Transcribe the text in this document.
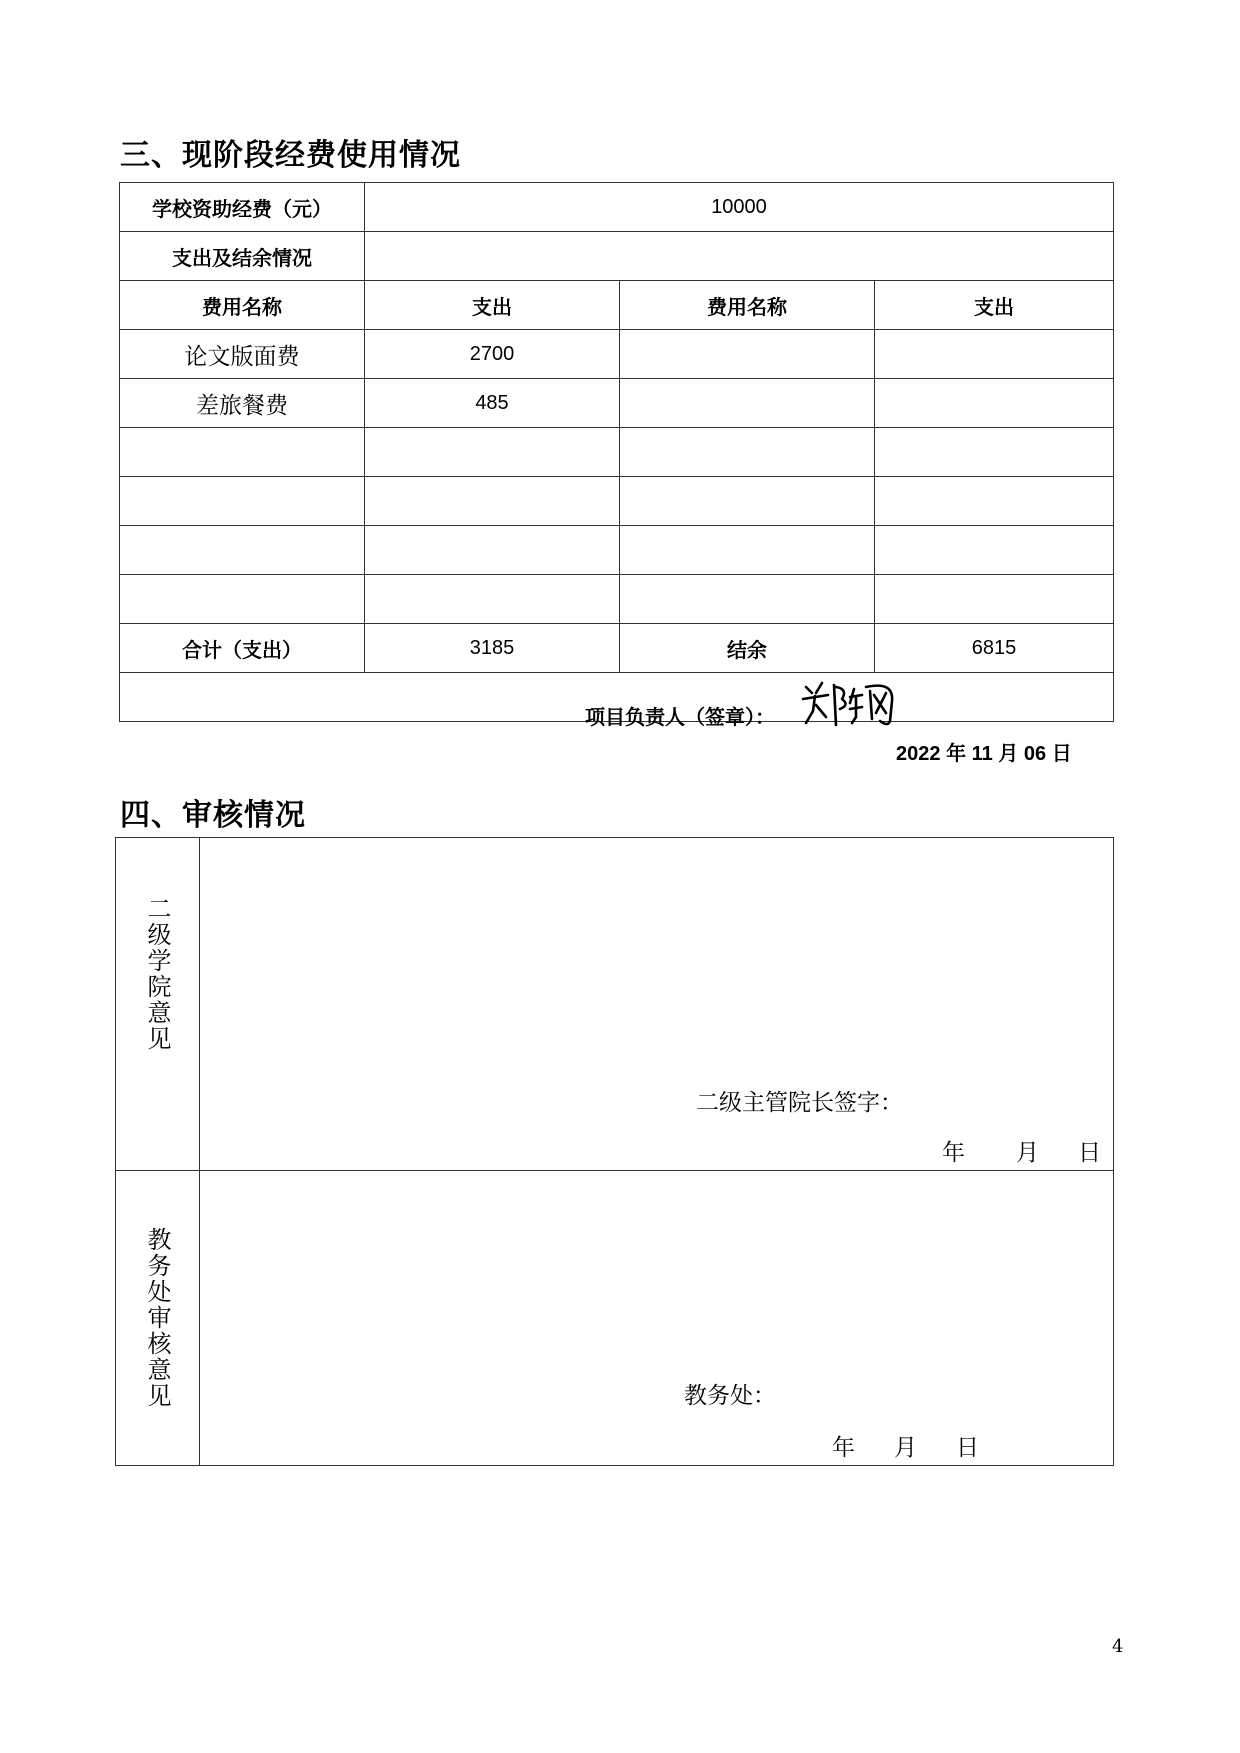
三、现阶段经费使用情况
学校资助经费（元）	10000		
支出及结余情况			
费用名称	支出	费用名称	支出
论文版面费	2700		
差旅餐费	485		

合计（支出）	3185	结余	6815

项目负责人（签章）：
2022 年 11 月 06 日			
四、审核情况
二级学院意见	二级主管院长签字：
年 月 日

教务处审核意见	教务处：
年 月 日
4
